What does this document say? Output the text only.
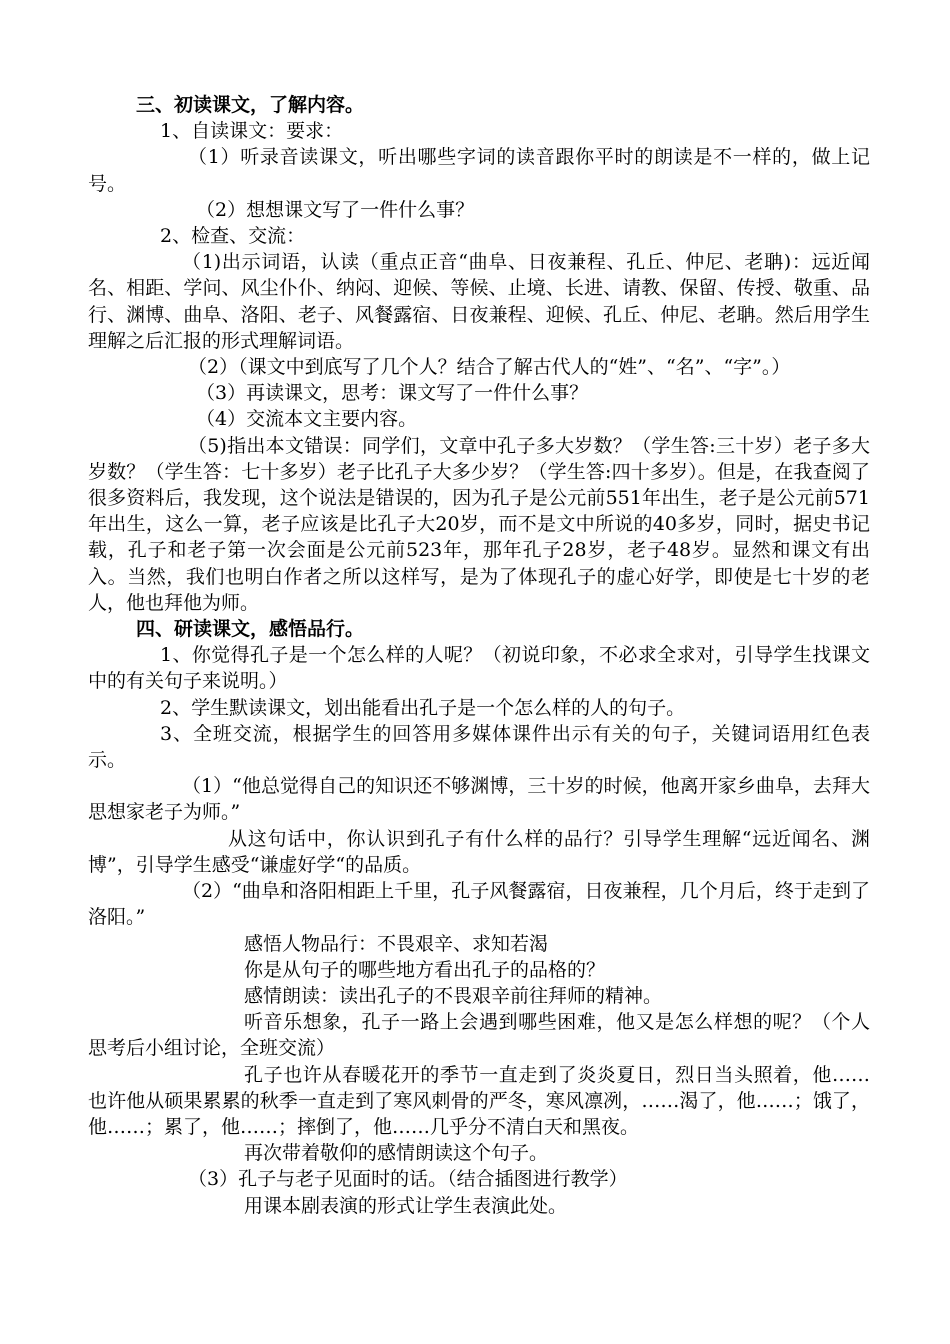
三、初读课文，了解内容。

1、自读课文：要求：

（1）听录音读课文，听出哪些字词的读音跟你平时的朗读是不一样的，做上记号。

（2）想想课文写了一件什么事？

2、检查、交流：

（1)出示词语，认读（重点正音“曲阜、日夜兼程、孔丘、仲尼、老聃)：远近闻名、相距、学问、风尘仆仆、纳闷、迎候、等候、止境、长进、请教、保留、传授、敬重、品行、渊博、曲阜、洛阳、老子、风餐露宿、日夜兼程、迎候、孔丘、仲尼、老聃。然后用学生理解之后汇报的形式理解词语。

（2）（课文中到底写了几个人？结合了解古代人的“姓”、“名”、“字”。）

（3）再读课文，思考：课文写了一件什么事？

（4）交流本文主要内容。

（5)指出本文错误：同学们，文章中孔子多大岁数？（学生答:三十岁）老子多大岁数？（学生答：七十多岁）老子比孔子大多少岁？（学生答:四十多岁）。但是，在我查阅了很多资料后，我发现，这个说法是错误的，因为孔子是公元前551年出生，老子是公元前571年出生，这么一算，老子应该是比孔子大20岁，而不是文中所说的40多岁，同时，据史书记载，孔子和老子第一次会面是公元前523年，那年孔子28岁，老子48岁。显然和课文有出入。当然，我们也明白作者之所以这样写，是为了体现孔子的虚心好学，即使是七十岁的老人，他也拜他为师。

四、研读课文，感悟品行。

1、你觉得孔子是一个怎么样的人呢？（初说印象，不必求全求对，引导学生找课文中的有关句子来说明。）

2、学生默读课文，划出能看出孔子是一个怎么样的人的句子。

3、全班交流，根据学生的回答用多媒体课件出示有关的句子，关键词语用红色表示。

（1）“他总觉得自己的知识还不够渊博，三十岁的时候，他离开家乡曲阜，去拜大思想家老子为师。”

从这句话中，你认识到孔子有什么样的品行？引导学生理解“远近闻名、渊博”，引导学生感受“谦虚好学“的品质。

（2）“曲阜和洛阳相距上千里，孔子风餐露宿，日夜兼程，几个月后，终于走到了洛阳。”

感悟人物品行：不畏艰辛、求知若渴

你是从句子的哪些地方看出孔子的品格的？

感情朗读：读出孔子的不畏艰辛前往拜师的精神。

听音乐想象，孔子一路上会遇到哪些困难，他又是怎么样想的呢？（个人思考后小组讨论，全班交流）

孔子也许从春暖花开的季节一直走到了炎炎夏日，烈日当头照着，他……也许他从硕果累累的秋季一直走到了寒风刺骨的严冬，寒风凛冽，……渴了，他……；饿了，他……；累了，他……；摔倒了，他……几乎分不清白天和黑夜。

再次带着敬仰的感情朗读这个句子。

（3）孔子与老子见面时的话。（结合插图进行教学）

用课本剧表演的形式让学生表演此处。
